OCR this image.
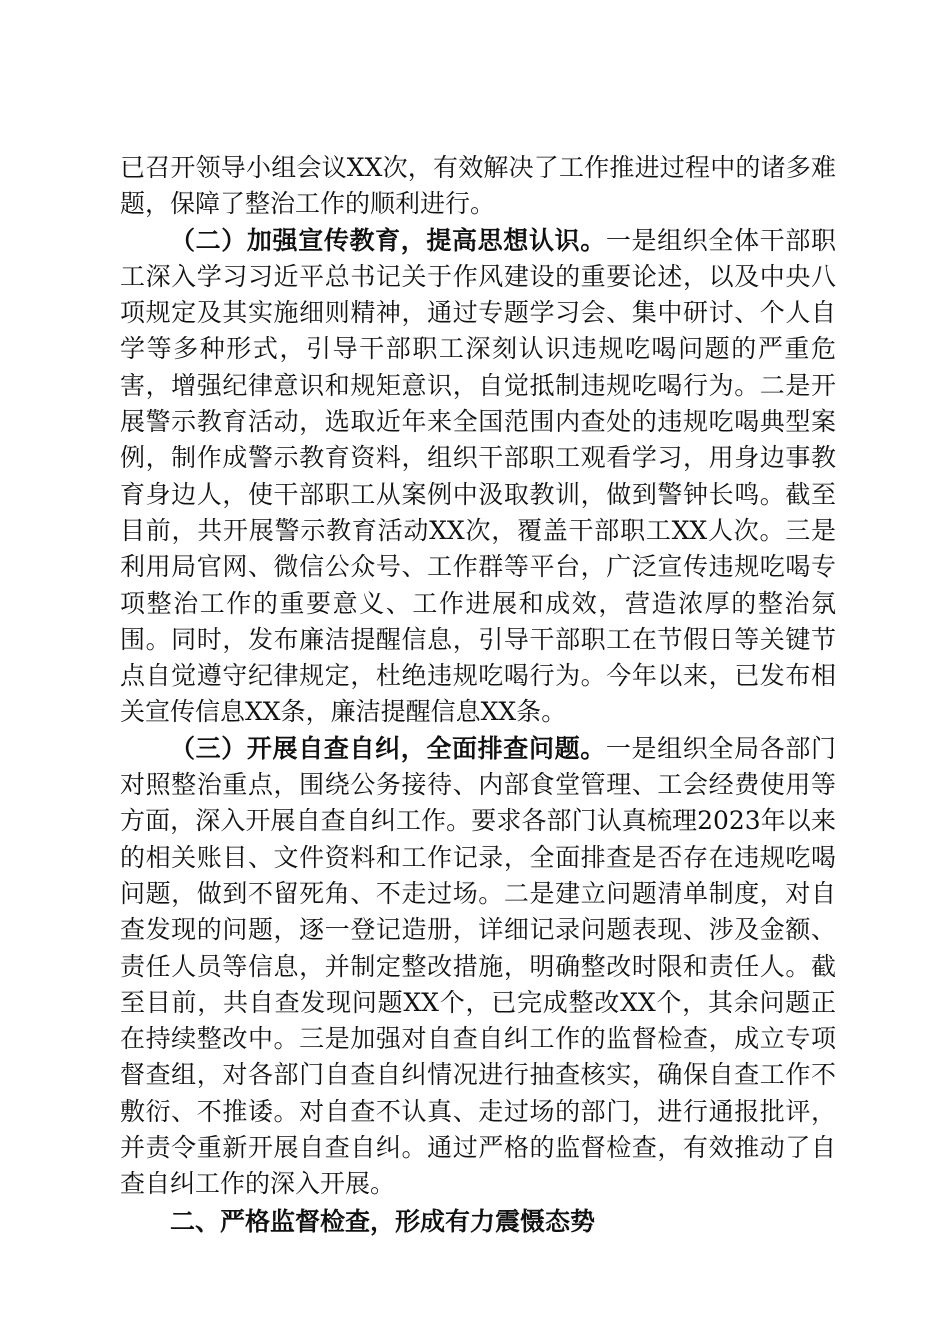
已召开领导小组会议XX次，有效解决了工作推进过程中的诸多难题，保障了整治工作的顺利进行。

（二）加强宣传教育，提高思想认识。一是组织全体干部职工深入学习习近平总书记关于作风建设的重要论述，以及中央八项规定及其实施细则精神，通过专题学习会、集中研讨、个人自学等多种形式，引导干部职工深刻认识违规吃喝问题的严重危害，增强纪律意识和规矩意识，自觉抵制违规吃喝行为。二是开展警示教育活动，选取近年来全国范围内查处的违规吃喝典型案例，制作成警示教育资料，组织干部职工观看学习，用身边事教育身边人，使干部职工从案例中汲取教训，做到警钟长鸣。截至目前，共开展警示教育活动XX次，覆盖干部职工XX人次。三是利用局官网、微信公众号、工作群等平台，广泛宣传违规吃喝专项整治工作的重要意义、工作进展和成效，营造浓厚的整治氛围。同时，发布廉洁提醒信息，引导干部职工在节假日等关键节点自觉遵守纪律规定，杜绝违规吃喝行为。今年以来，已发布相关宣传信息XX条，廉洁提醒信息XX条。

（三）开展自查自纠，全面排查问题。一是组织全局各部门对照整治重点，围绕公务接待、内部食堂管理、工会经费使用等方面，深入开展自查自纠工作。要求各部门认真梳理2023年以来的相关账目、文件资料和工作记录，全面排查是否存在违规吃喝问题，做到不留死角、不走过场。二是建立问题清单制度，对自查发现的问题，逐一登记造册，详细记录问题表现、涉及金额、责任人员等信息，并制定整改措施，明确整改时限和责任人。截至目前，共自查发现问题XX个，已完成整改XX个，其余问题正在持续整改中。三是加强对自查自纠工作的监督检查，成立专项督查组，对各部门自查自纠情况进行抽查核实，确保自查工作不敷衍、不推诿。对自查不认真、走过场的部门，进行通报批评，并责令重新开展自查自纠。通过严格的监督检查，有效推动了自查自纠工作的深入开展。

二、严格监督检查，形成有力震慑态势
